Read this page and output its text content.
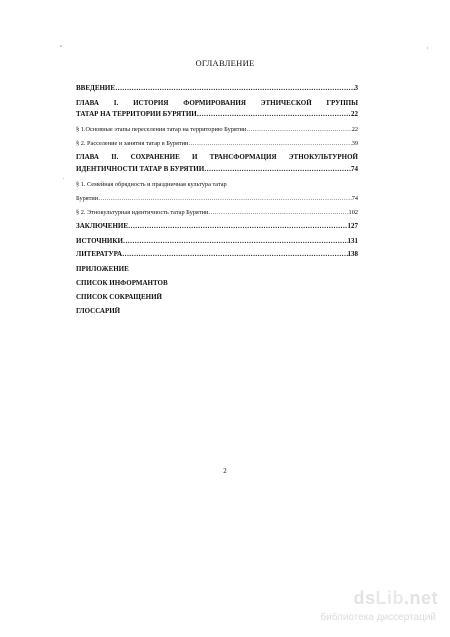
ОГЛАВЛЕНИЕ
ВВЕДЕНИЕ ………………………………………………………………………………………………………………………………………………………	3
ГЛАВА I. ИСТОРИЯ ФОРМИРОВАНИЯ ЭТНИЧЕСКОЙ ГРУППЫ
ТАТАР НА ТЕРРИТОРИИ БУРЯТИИ ………………………………………………………………………………………………………………………………………………………	22
§ 1.Основные этапы переселения татар на территорию Бурятии ………………………………………………………………………………………………………………………………………………………	22
§ 2. Расселение и занятия татар в Бурятии ………………………………………………………………………………………………………………………………………………………	39
ГЛАВА II. СОХРАНЕНИЕ И ТРАНСФОРМАЦИЯ ЭТНОКУЛЬТУРНОЙ
ИДЕНТИЧНОСТИ ТАТАР В БУРЯТИИ ………………………………………………………………………………………………………………………………………………………	74
§ 1. Семейная обрядность и праздничная культура татар
Бурятии ………………………………………………………………………………………………………………………………………………………	74
§ 2. Этнокультурная идентичность татар Бурятии ………………………………………………………………………………………………………………………………………………………	102
ЗАКЛЮЧЕНИЕ ………………………………………………………………………………………………………………………………………………………	127
ИСТОЧНИКИ ………………………………………………………………………………………………………………………………………………………	131
ЛИТЕРАТУРА ………………………………………………………………………………………………………………………………………………………	138
ПРИЛОЖЕНИЕ
СПИСОК ИНФОРМАНТОВ
СПИСОК СОКРАЩЕНИЙ
ГЛОССАРИЙ
2
dsLib.net
библиотека диссертаций
